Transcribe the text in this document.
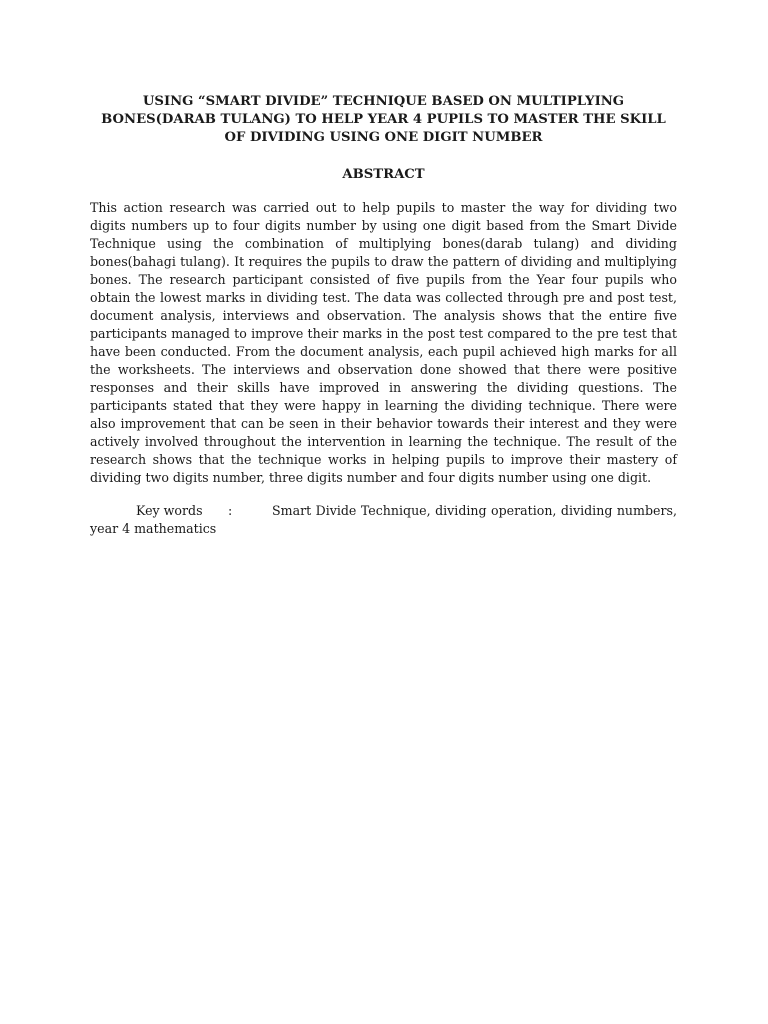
USING “SMART DIVIDE” TECHNIQUE BASED ON MULTIPLYING BONES(DARAB TULANG) TO HELP YEAR 4 PUPILS TO MASTER THE SKILL OF DIVIDING USING ONE DIGIT NUMBER

ABSTRACT

This action research was carried out to help pupils to master the way for dividing two digits numbers up to four digits number by using one digit based from the Smart Divide Technique using the combination of multiplying bones(darab tulang) and dividing bones(bahagi tulang). It requires the pupils to draw the pattern of dividing and multiplying bones. The research participant consisted of five pupils from the Year four pupils who obtain the lowest marks in dividing test. The data was collected through pre and post test, document analysis, interviews and observation. The analysis shows that the entire five participants managed to improve their marks in the post test compared to the pre test that have been conducted. From the document analysis, each pupil achieved high marks for all the worksheets. The interviews and observation done showed that there were positive responses and their skills have improved in answering the dividing questions. The participants stated that they were happy in learning the dividing technique. There were also improvement that can be seen in their behavior towards their interest and they were actively involved throughout the intervention in learning the technique. The result of the research shows that the technique works in helping pupils to improve their mastery of dividing two digits number, three digits number and four digits number using one digit.

Key words	:	Smart Divide Technique, dividing operation, dividing numbers,
year 4 mathematics
